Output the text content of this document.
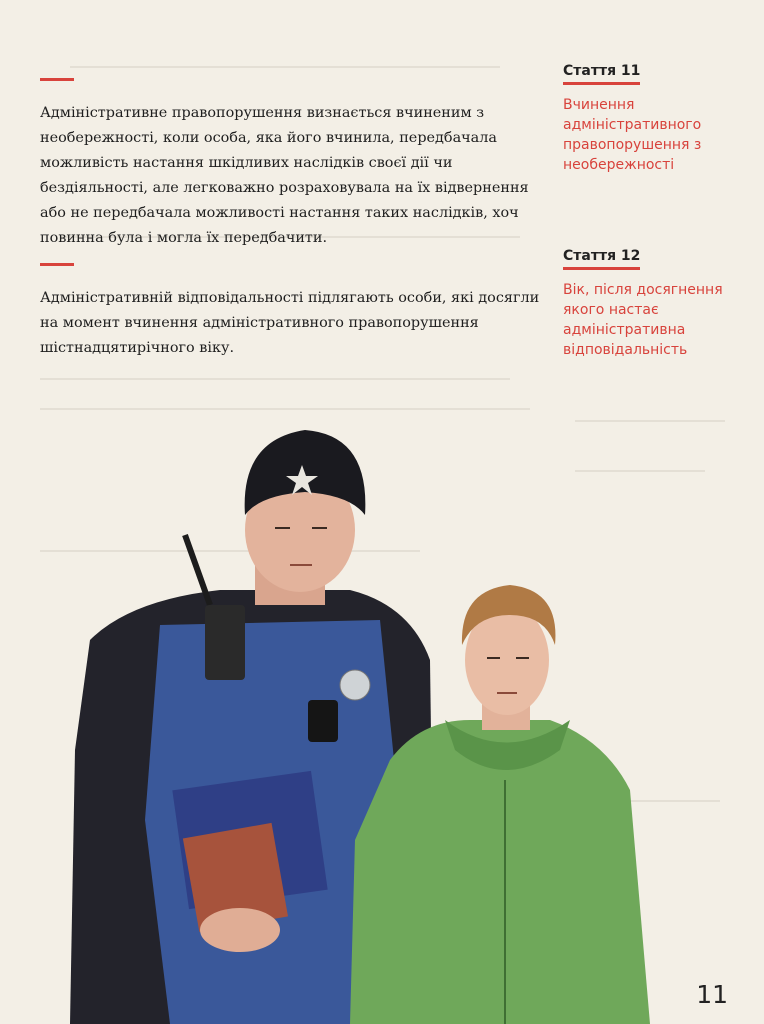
Адміністративне правопорушення визнається вчиненим з необережності, коли особа, яка його вчинила, передбачала можливість настання шкідливих наслідків своєї дії чи бездіяльності, але легковажно розраховувала на їх відвернення або не передбачала можливості настання таких наслідків, хоч повинна була і могла їх передбачити.
Стаття 11
Вчинення адміністративного правопорушення з необережності
Адміністративній відповідальності підлягають особи, які досягли на момент вчинення адміністративного правопорушення шістнадцятирічного віку.
Стаття 12
Вік, після досягнення якого настає адміністративна відповідальність
11
